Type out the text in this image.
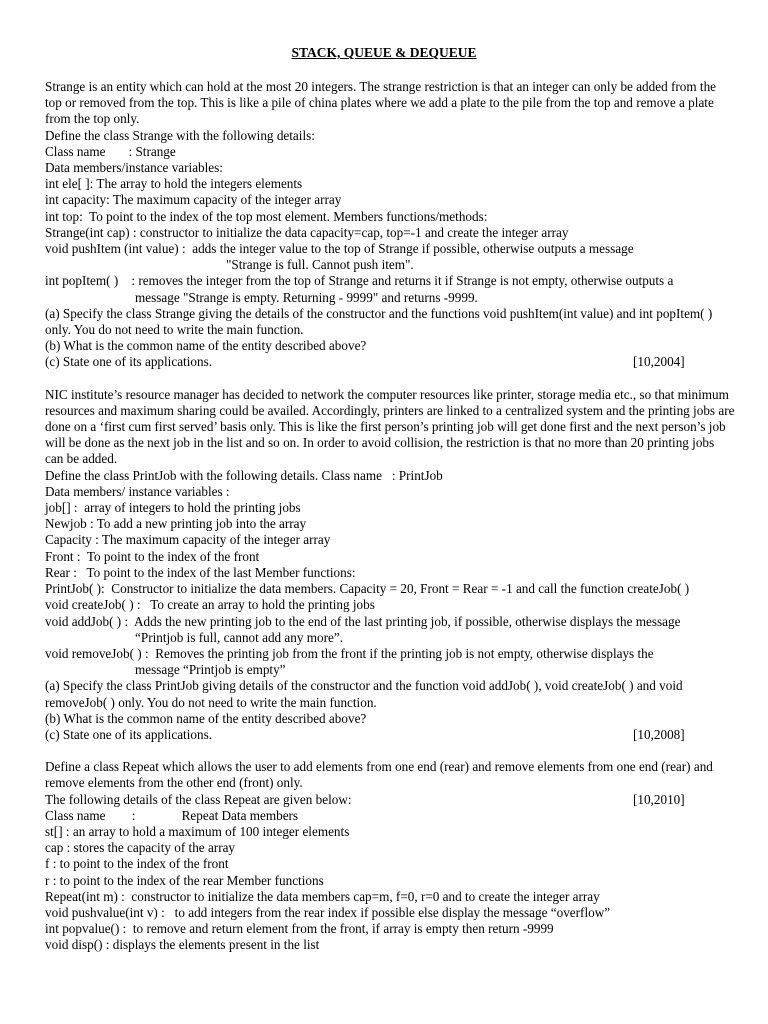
STACK, QUEUE & DEQUEUE

Strange is an entity which can hold at the most 20 integers. The strange restriction is that an integer can only be added from the top or removed from the top. This is like a pile of china plates where we add a plate to the pile from the top and remove a plate from the top only.

Define the class Strange with the following details:

Class name       : Strange

Data members/instance variables:

int ele[ ]: The array to hold the integers elements

int capacity: The maximum capacity of the integer array

int top:  To point to the index of the top most element. Members functions/methods:

Strange(int cap) : constructor to initialize the data capacity=cap, top=-1 and create the integer array

void pushItem (int value) :  adds the integer value to the top of Strange if possible, otherwise outputs a message

"Strange is full. Cannot push item".

int popItem( )    : removes the integer from the top of Strange and returns it if Strange is not empty, otherwise outputs a

message "Strange is empty. Returning - 9999" and returns -9999.

(a) Specify the class Strange giving the details of the constructor and the functions void pushItem(int value) and int popItem( ) only. You do not need to write the main function.

(b) What is the common name of the entity described above?

(c) State one of its applications.	[10,2004]

NIC institute’s resource manager has decided to network the computer resources like printer, storage media etc., so that minimum resources and maximum sharing could be availed. Accordingly, printers are linked to a centralized system and the printing jobs are done on a ‘first cum first served’ basis only. This is like the first person’s printing job will get done first and the next person’s job will be done as the next job in the list and so on. In order to avoid collision, the restriction is that no more than 20 printing jobs can be added.

Define the class PrintJob with the following details. Class name   : PrintJob

Data members/ instance variables :

job[] :  array of integers to hold the printing jobs

Newjob : To add a new printing job into the array

Capacity : The maximum capacity of the integer array

Front :  To point to the index of the front

Rear :   To point to the index of the last Member functions:

PrintJob( ):  Constructor to initialize the data members. Capacity = 20, Front = Rear = -1 and call the function createJob( )

void createJob( ) :   To create an array to hold the printing jobs

void addJob( ) :  Adds the new printing job to the end of the last printing job, if possible, otherwise displays the message

“Printjob is full, cannot add any more”.

void removeJob( ) :  Removes the printing job from the front if the printing job is not empty, otherwise displays the

message “Printjob is empty”

(a) Specify the class PrintJob giving details of the constructor and the function void addJob( ), void createJob( ) and void removeJob( ) only. You do not need to write the main function.

(b) What is the common name of the entity described above?

(c) State one of its applications.	[10,2008]

Define a class Repeat which allows the user to add elements from one end (rear) and remove elements from one end (rear) and remove elements from the other end (front) only.

The following details of the class Repeat are given below:	[10,2010]

Class name        :              Repeat Data members

st[] : an array to hold a maximum of 100 integer elements

cap : stores the capacity of the array

f : to point to the index of the front

r : to point to the index of the rear Member functions

Repeat(int m) :  constructor to initialize the data members cap=m, f=0, r=0 and to create the integer array

void pushvalue(int v) :   to add integers from the rear index if possible else display the message “overflow”

int popvalue() :  to remove and return element from the front, if array is empty then return -9999

void disp() : displays the elements present in the list
